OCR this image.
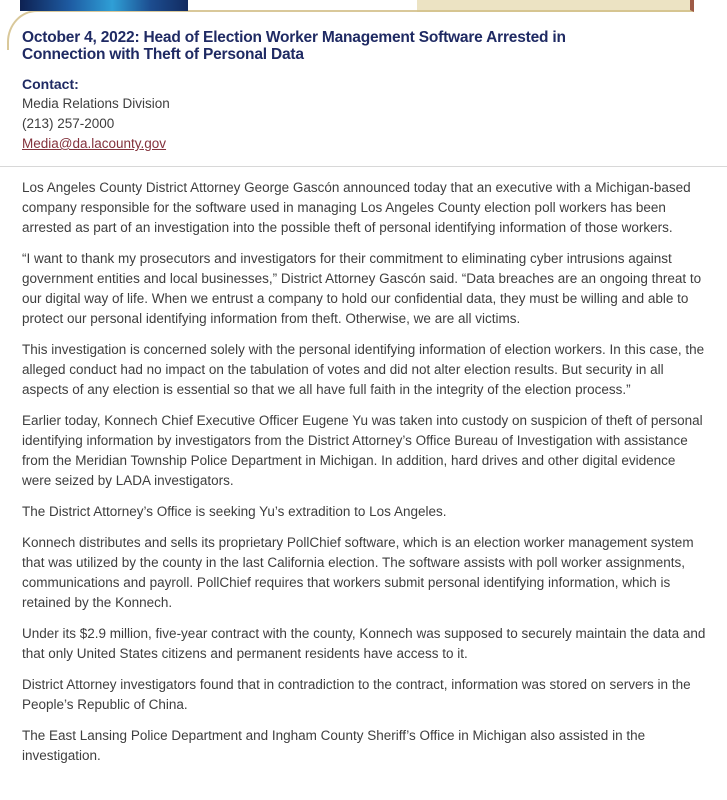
October 4, 2022: Head of Election Worker Management Software Arrested in Connection with Theft of Personal Data
Contact:
Media Relations Division
(213) 257-2000
Media@da.lacounty.gov

Los Angeles County District Attorney George Gascón announced today that an executive with a Michigan-based company responsible for the software used in managing Los Angeles County election poll workers has been arrested as part of an investigation into the possible theft of personal identifying information of those workers.

“I want to thank my prosecutors and investigators for their commitment to eliminating cyber intrusions against government entities and local businesses,” District Attorney Gascón said. “Data breaches are an ongoing threat to our digital way of life. When we entrust a company to hold our confidential data, they must be willing and able to protect our personal identifying information from theft. Otherwise, we are all victims.

This investigation is concerned solely with the personal identifying information of election workers. In this case, the alleged conduct had no impact on the tabulation of votes and did not alter election results. But security in all aspects of any election is essential so that we all have full faith in the integrity of the election process.”

Earlier today, Konnech Chief Executive Officer Eugene Yu was taken into custody on suspicion of theft of personal identifying information by investigators from the District Attorney’s Office Bureau of Investigation with assistance from the Meridian Township Police Department in Michigan. In addition, hard drives and other digital evidence were seized by LADA investigators.

The District Attorney’s Office is seeking Yu’s extradition to Los Angeles.

Konnech distributes and sells its proprietary PollChief software, which is an election worker management system that was utilized by the county in the last California election. The software assists with poll worker assignments, communications and payroll. PollChief requires that workers submit personal identifying information, which is retained by the Konnech.

Under its $2.9 million, five-year contract with the county, Konnech was supposed to securely maintain the data and that only United States citizens and permanent residents have access to it.

District Attorney investigators found that in contradiction to the contract, information was stored on servers in the People’s Republic of China.

The East Lansing Police Department and Ingham County Sheriff’s Office in Michigan also assisted in the investigation.
